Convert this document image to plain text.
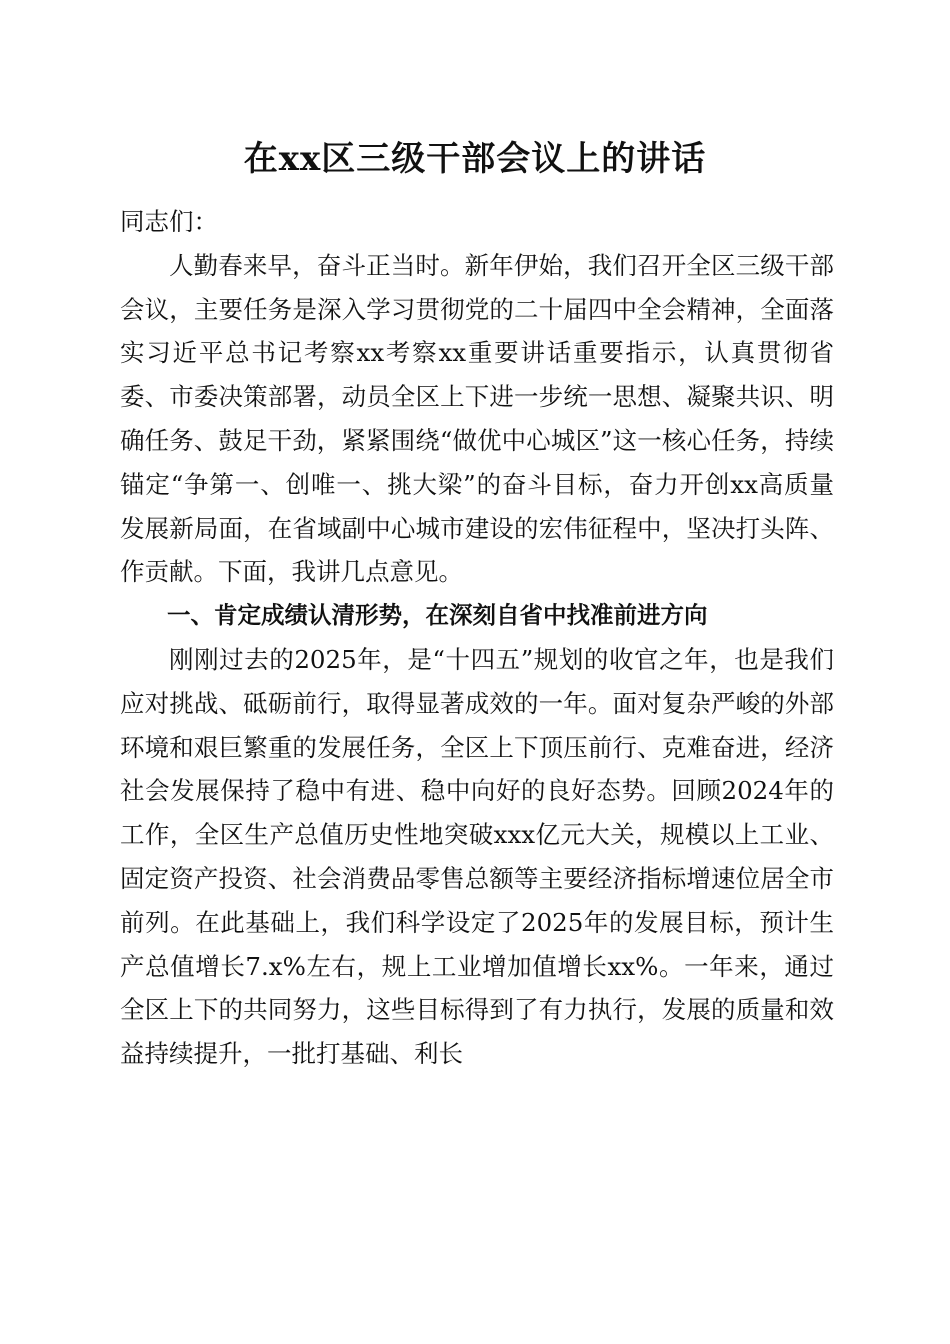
在xx区三级干部会议上的讲话

同志们：

人勤春来早，奋斗正当时。新年伊始，我们召开全区三级干部会议，主要任务是深入学习贯彻党的二十届四中全会精神，全面落实习近平总书记考察xx考察xx重要讲话重要指示，认真贯彻省委、市委决策部署，动员全区上下进一步统一思想、凝聚共识、明确任务、鼓足干劲，紧紧围绕“做优中心城区”这一核心任务，持续锚定“争第一、创唯一、挑大梁”的奋斗目标，奋力开创xx高质量发展新局面，在省域副中心城市建设的宏伟征程中，坚决打头阵、作贡献。下面，我讲几点意见。

一、肯定成绩认清形势，在深刻自省中找准前进方向

刚刚过去的2025年，是“十四五”规划的收官之年，也是我们应对挑战、砥砺前行，取得显著成效的一年。面对复杂严峻的外部环境和艰巨繁重的发展任务，全区上下顶压前行、克难奋进，经济社会发展保持了稳中有进、稳中向好的良好态势。回顾2024年的工作，全区生产总值历史性地突破xxx亿元大关，规模以上工业、固定资产投资、社会消费品零售总额等主要经济指标增速位居全市前列。在此基础上，我们科学设定了2025年的发展目标，预计生产总值增长7.x%左右，规上工业增加值增长xx%。一年来，通过全区上下的共同努力，这些目标得到了有力执行，发展的质量和效益持续提升，一批打基础、利长
